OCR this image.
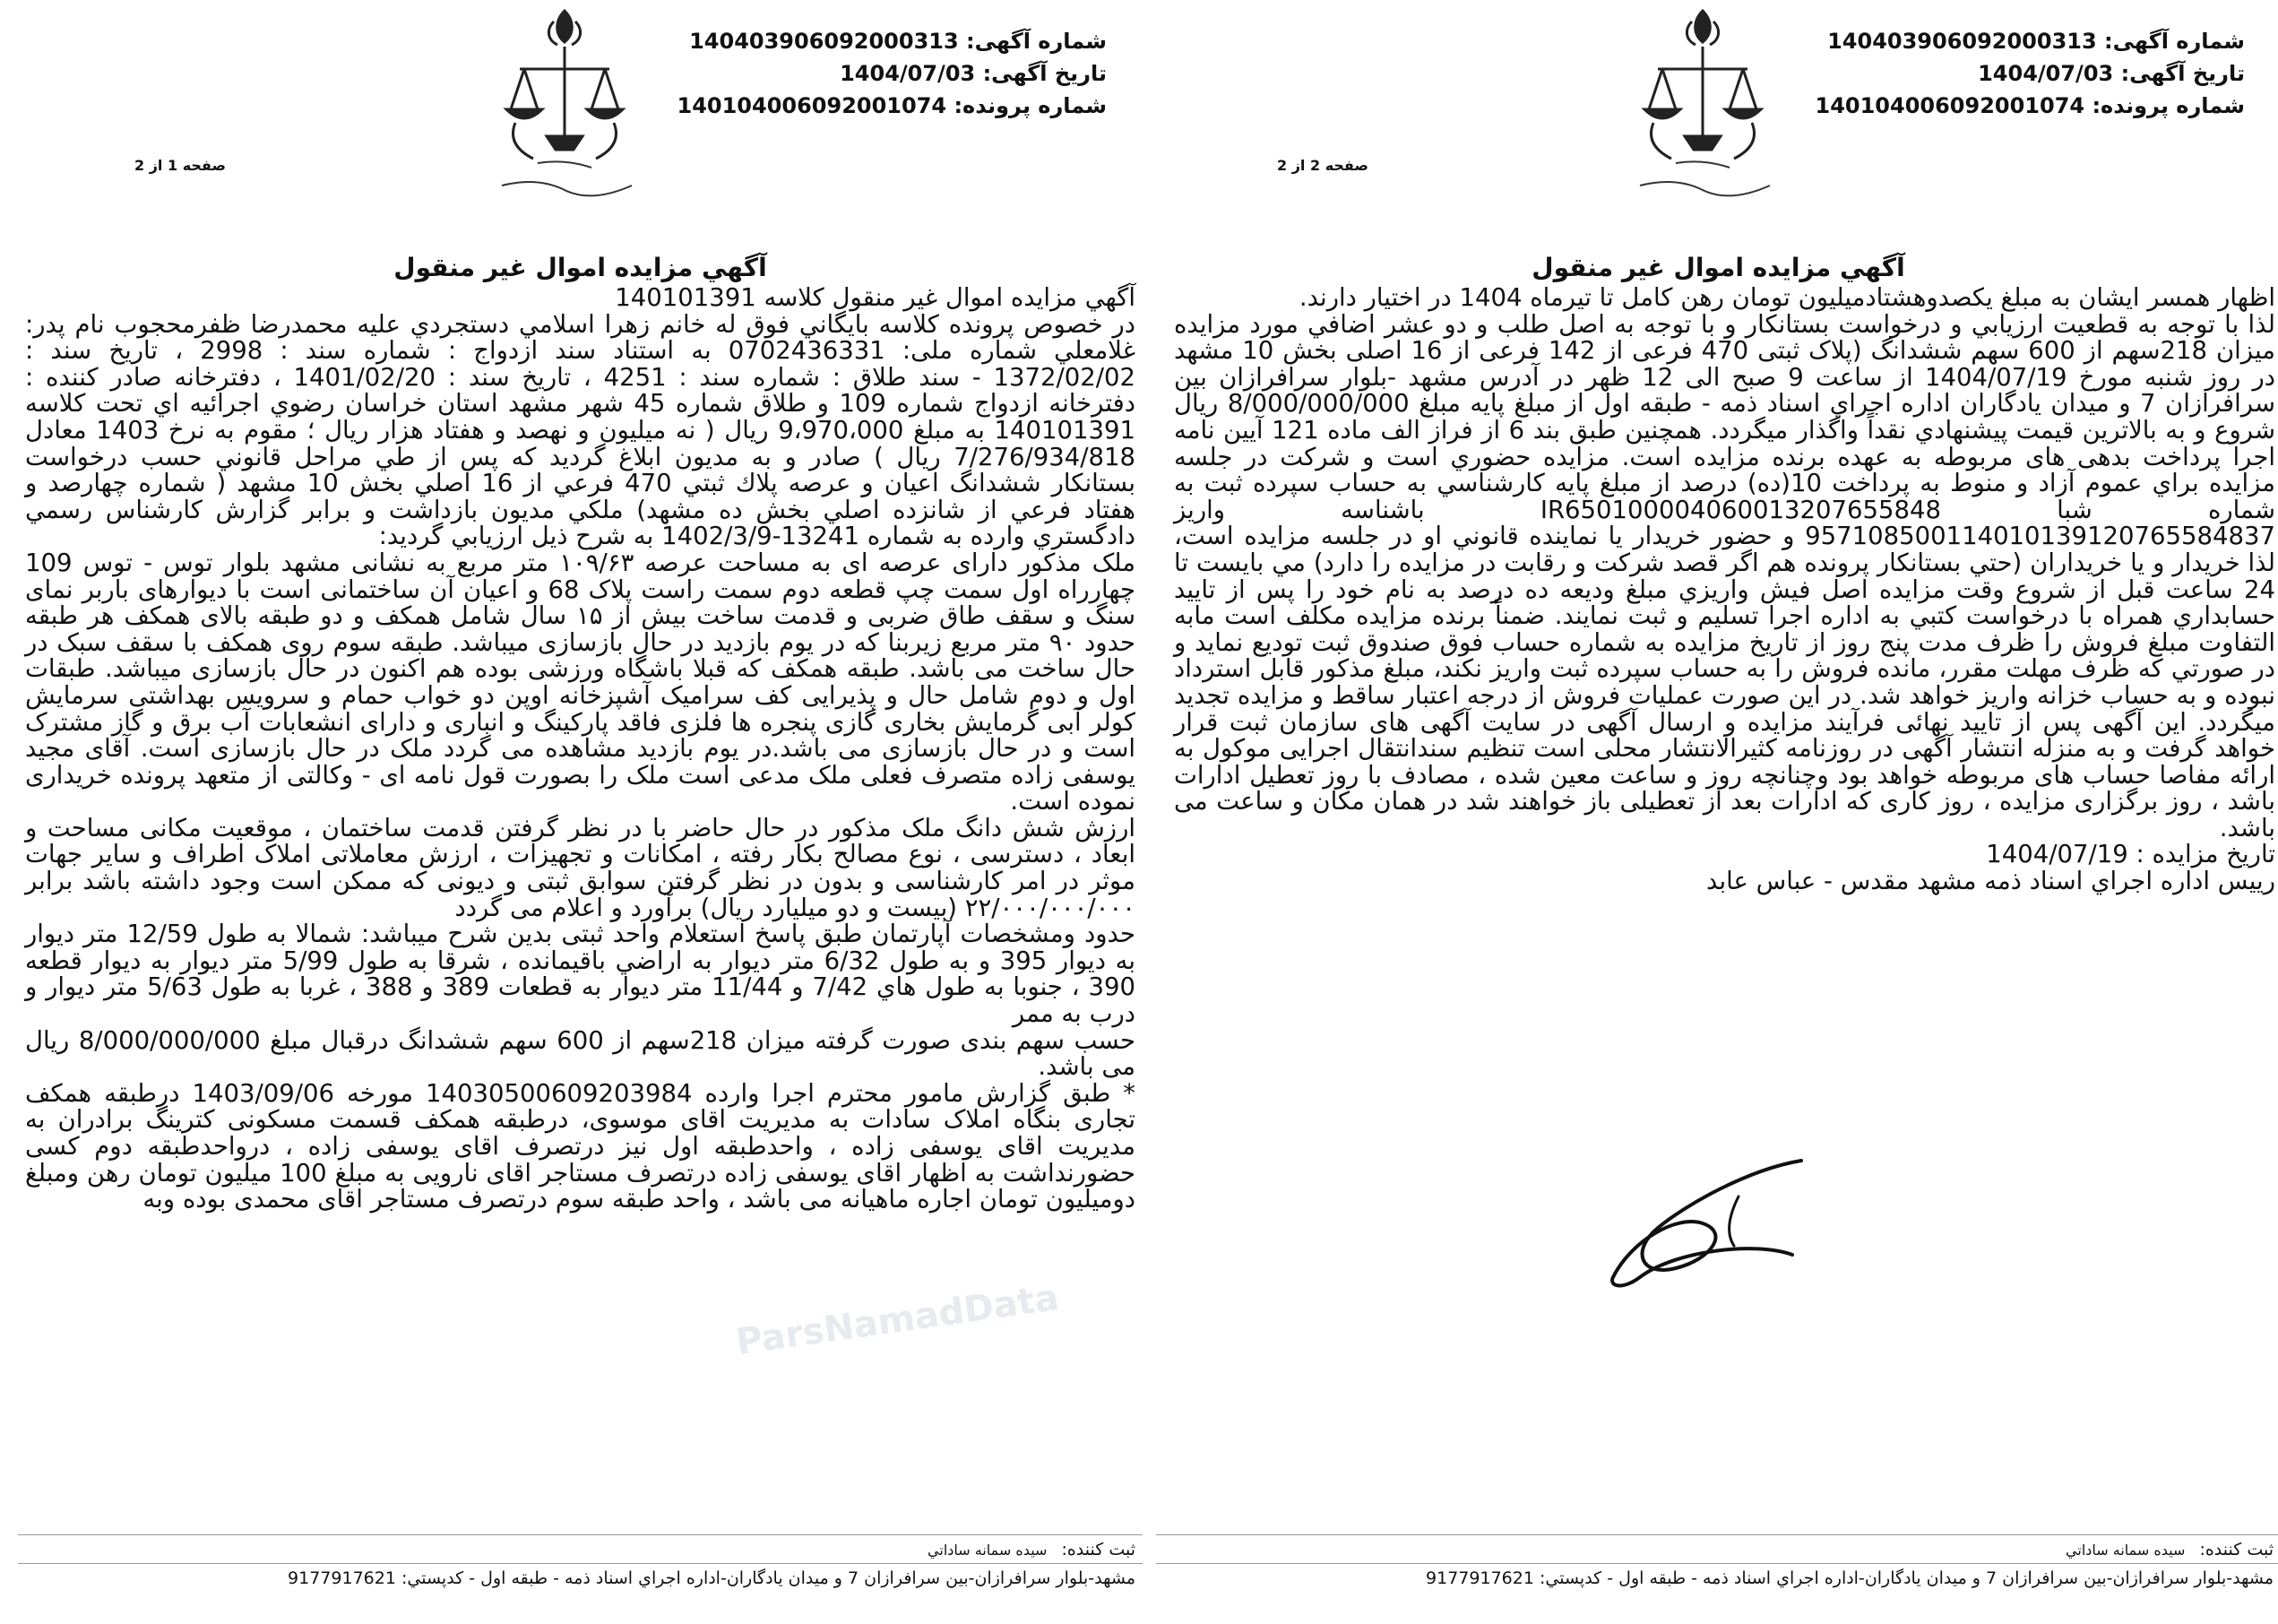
شماره آگهی: 140403906092000313
تاریخ آگهی: 1404/07/03
شماره پرونده: 140104006092001074
صفحه 1 از 2
آگهي مزايده اموال غير منقول

آگهي مزايده اموال غير منقول کلاسه 140101391

در خصوص پرونده کلاسه بايگاني فوق له خانم زهرا اسلامي دستجردي عليه محمدرضا ظفرمحجوب نام پدر: غلامعلي شماره ملی: 0702436331 به استناد سند ازدواج : شماره سند : 2998 ، تاريخ سند : 1372/02/02 - سند طلاق : شماره سند : 4251 ، تاريخ سند : 1401/02/20 ، دفترخانه صادر كننده : دفترخانه ازدواج شماره 109 و طلاق شماره 45 شهر مشهد استان خراسان رضوي اجرائيه اي تحت كلاسه 140101391 به مبلغ 9،970،000 ريال ( نه ميليون و نهصد و هفتاد هزار ريال ؛ مقوم به نرخ 1403 معادل 7/276/934/818 ريال ) صادر و به مديون ابلاغ گرديد كه پس از طي مراحل قانوني حسب درخواست بستانكار ششدانگ اعيان و عرصه پلاك ثبتي 470 فرعي از 16 اصلي بخش 10 مشهد ( شماره چهارصد و هفتاد فرعي از شانزده اصلي بخش ده مشهد) ملكي مديون بازداشت و برابر گزارش كارشناس رسمي دادگستري وارده به شماره 13241-1402/3/9 به شرح ذيل ارزيابي گرديد:

ملک مذکور دارای عرصه ای به مساحت عرصه ۱۰۹/۶۳ متر مربع به نشانی مشهد بلوار توس - توس 109 چهارراه اول سمت چپ قطعه دوم سمت راست پلاک 68 و اعیان آن ساختمانی است با دیوارهای باربر نمای سنگ و سقف طاق ضربی و قدمت ساخت بیش از ۱۵ سال شامل همکف و دو طبقه بالای همکف هر طبقه حدود ۹۰ متر مربع زیربنا که در یوم بازدید در حال بازسازی میباشد. طبقه سوم روی همکف با سقف سبک در حال ساخت می باشد. طبقه همکف که قبلا باشگاه ورزشی بوده هم اکنون در حال بازسازی میباشد. طبقات اول و دوم شامل حال و پذیرایی کف سرامیک آشپزخانه اوپن دو خواب حمام و سرویس بهداشتی سرمایش کولر آبی گرمایش بخاری گازی پنجره ها فلزی فاقد پارکینگ و انباری و دارای انشعابات آب برق و گاز مشترک است و در حال بازسازی می باشد.در یوم بازدید مشاهده می گردد ملک در حال بازسازی است. آقای مجید یوسفی زاده متصرف فعلی ملک مدعی است ملک را بصورت قول نامه ای - وکالتی از متعهد پرونده خریداری نموده است.

ارزش شش دانگ ملک مذکور در حال حاضر با در نظر گرفتن قدمت ساختمان ، موقعیت مکانی مساحت و ابعاد ، دسترسی ، نوع مصالح بکار رفته ، امکانات و تجهیزات ، ارزش معاملاتی املاک اطراف و سایر جهات موثر در امر کارشناسی و بدون در نظر گرفتن سوابق ثبتی و دیونی که ممکن است وجود داشته باشد برابر ۲۲/۰۰۰/۰۰۰/۰۰۰ (بیست و دو میلیارد ریال) برآورد و اعلام می گردد

حدود ومشخصات آپارتمان طبق پاسخ استعلام واحد ثبتی بدین شرح میباشد: شمالا به طول 12/59 متر دیوار به دیوار 395 و به طول 6/32 متر دیوار به اراضي باقیمانده ، شرقا به طول 5/99 متر دیوار به دیوار قطعه 390 ، جنوبا به طول هاي 7/42 و 11/44 متر دیوار به قطعات 389 و 388 ، غربا به طول 5/63 متر دیوار و درب به ممر

حسب سهم بندی صورت گرفته میزان 218سهم از 600 سهم ششدانگ درقبال مبلغ 8/000/000/000 ریال می باشد.

* طبق گزارش مامور محترم اجرا وارده 14030500609203984 مورخه 1403/09/06 درطبقه همکف تجاری بنگاه املاک سادات به مدیریت اقای موسوی، درطبقه همکف قسمت مسکونی کترینگ برادران به مدیریت اقای یوسفی زاده ، واحدطبقه اول نیز درتصرف اقای یوسفی زاده ، درواحدطبقه دوم کسی حضورنداشت به اظهار اقای یوسفی زاده درتصرف مستاجر اقای نارویی به مبلغ 100 میلیون تومان رهن ومبلغ دومیلیون تومان اجاره ماهیانه می باشد ، واحد طبقه سوم درتصرف مستاجر اقای محمدی بوده وبه

ثبت کننده:سيده سمانه ساداتي
مشهد-بلوار سرافرازان-بین سرافرازان 7 و میدان یادگاران-اداره اجراي اسناد ذمه - طبقه اول - کدپستي: 9177917621
شماره آگهی: 140403906092000313
تاریخ آگهی: 1404/07/03
شماره پرونده: 140104006092001074
صفحه 2 از 2
آگهي مزايده اموال غير منقول

اظهار همسر ایشان به مبلغ یکصدوهشتادمیلیون تومان رهن کامل تا تیرماه 1404 در اختیار دارند.

لذا با توجه به قطعيت ارزيابي و درخواست بستانكار و با توجه به اصل طلب و دو عشر اضافي مورد مزايده ميزان 218سهم از 600 سهم ششدانگ (پلاک ثبتی 470 فرعی از 142 فرعی از 16 اصلی بخش 10 مشهد در روز شنبه مورخ 1404/07/19 از ساعت 9 صبح الی 12 ظهر در آدرس مشهد -بلوار سرافرازان بين سرافرازان 7 و ميدان يادگاران اداره اجراي اسناد ذمه - طبقه اول از مبلغ پايه مبلغ 8/000/000/000 ريال شروع و به بالاترين قيمت پيشنهادي نقداً واگذار ميگردد. همچنين طبق بند 6 از فراز الف ماده 121 آيين نامه اجرا پرداخت بدهی های مربوطه به عهده برنده مزایده است. مزايده حضوري است و شركت در جلسه مزايده براي عموم آزاد و منوط به پرداخت 10(ده) درصد از مبلغ پايه كارشناسي به حساب سپرده ثبت به شماره شبا IR650100004060013207655848 باشناسه واريز 957108500114010139120765584837 و حضور خريدار يا نماينده قانوني او در جلسه مزايده است، لذا خريدار و يا خريداران (حتي بستانكار پرونده هم اگر قصد شركت و رقابت در مزايده را دارد) مي بايست تا 24 ساعت قبل از شروع وقت مزايده اصل فيش واريزي مبلغ وديعه ده درصد به نام خود را پس از تاييد حسابداري همراه با درخواست كتبي به اداره اجرا تسليم و ثبت نمايند. ضمناً برنده مزايده مكلف است مابه التفاوت مبلغ فروش را ظرف مدت پنج روز از تاريخ مزايده به شماره حساب فوق صندوق ثبت توديع نمايد و در صورتي كه ظرف مهلت مقرر، مانده فروش را به حساب سپرده ثبت واريز نكند، مبلغ مذكور قابل استرداد نبوده و به حساب خزانه واريز خواهد شد. در اين صورت عمليات فروش از درجه اعتبار ساقط و مزايده تجديد ميگردد. اين آگهی پس از تاييد نهائی فرآيند مزايده و ارسال آگهی در سايت آگهی های سازمان ثبت قرار خواهد گرفت و به منزله انتشار آگهی در روزنامه كثيرالانتشار محلی است تنظيم سندانتقال اجرايی موكول به ارائه مفاصا حساب های مربوطه خواهد بود وچنانچه روز و ساعت معين شده ، مصادف با روز تعطيل ادارات باشد ، روز برگزاری مزايده ، روز كاری كه ادارات بعد از تعطيلی باز خواهند شد در همان مكان و ساعت می باشد.

تاريخ مزايده : 1404/07/19

رييس اداره اجراي اسناد ذمه مشهد مقدس - عباس عابد

ثبت کننده:سيده سمانه ساداتي
مشهد-بلوار سرافرازان-بین سرافرازان 7 و میدان یادگاران-اداره اجراي اسناد ذمه - طبقه اول - کدپستي: 9177917621
ParsNamadData
